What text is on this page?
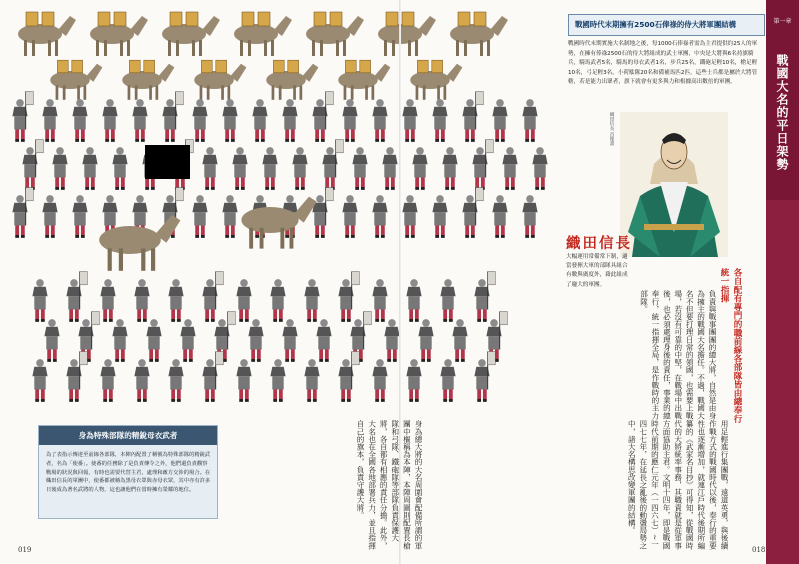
戰國時代末期擁有2500石俸祿的侍大將軍團結構
戰國時代末期實施大名制地之後，每1000石俸祿者需為主君提供約25人的軍勢，在擁有俸祿2500石的侍大將組成的武士軍團，中央是大將與6名持旗騎兵，騎馬武者5名，騎馬的母衣武者1名，步兵25名，鐵砲足輕10名，槍足輕10名，弓足輕3名，小荷駄隊20名和備補馬匹2匹。這些士兵都是屬於大將管轄，若是能力出眾者，旗下就會有更多與力和根據高出數倍的軍團。
織田信長 肖像畫
織田信長
大幅運用常備常下制，適當發揮大軍的部隊具組合有數與廣度外，藉此組成了龐大的軍團。
第一章
戰國大名的平日架勢
各自配有專門的職前線各部隊皆由總奉行統一指揮
負責與戰事團團的總大將，自然是由身為擁主的戰國大名擔任。不過，戰國大名不但要打理日常的領國，也需要上戰場，若沒有可靠的中堅，在戰場中出戰後，也必須處理身後的責任，事業的總奉行，統一指揮全局，是作戰時的主力部隊。
用足輕進行集團戰，遠道英勇，與後續作戰方式的戰國時代以後，奉行的重要性也逐漸增加，就連江戶時代後期所編纂的《武家名目抄》可得知，從戰國時代的大將統率事務，其職責就是從軍事方面協助主君。文明十四年，即是戰國時代前期的應仁元年（一四六七）∼一四七七年，在延長之亂後的動盪局勢之中，諸大名構思改變軍團的結構。
身為總大將的大名周圍會配備所謂的軍團中樞稱為本陣，本陣周圍則配置長槍隊和弓隊、鐵砲隊等部隊負責保護大將，各自都有相應的責任分擔。此外，大名也在全國各地部署兵力，並且指揮自己的旗本，負責守護大將。
身為特殊部隊的精銳母衣武者
為了表指示傳達至前線各部隊，本陣內配置了稱號為特殊部隊的精銳武者，名為「使番」。使番的任務除了是負責傳令之外，他們還負責觀察戰場的狀況與回報，有時也需要代替主君，處理和敵方交涉的場合。在織田信長的軍團中，使番都被稱為黑母衣眾與赤母衣眾，其中亦有許多日後成為著名武將的人物，這也讓他們在當時擁有榮耀的地位。
019	018
